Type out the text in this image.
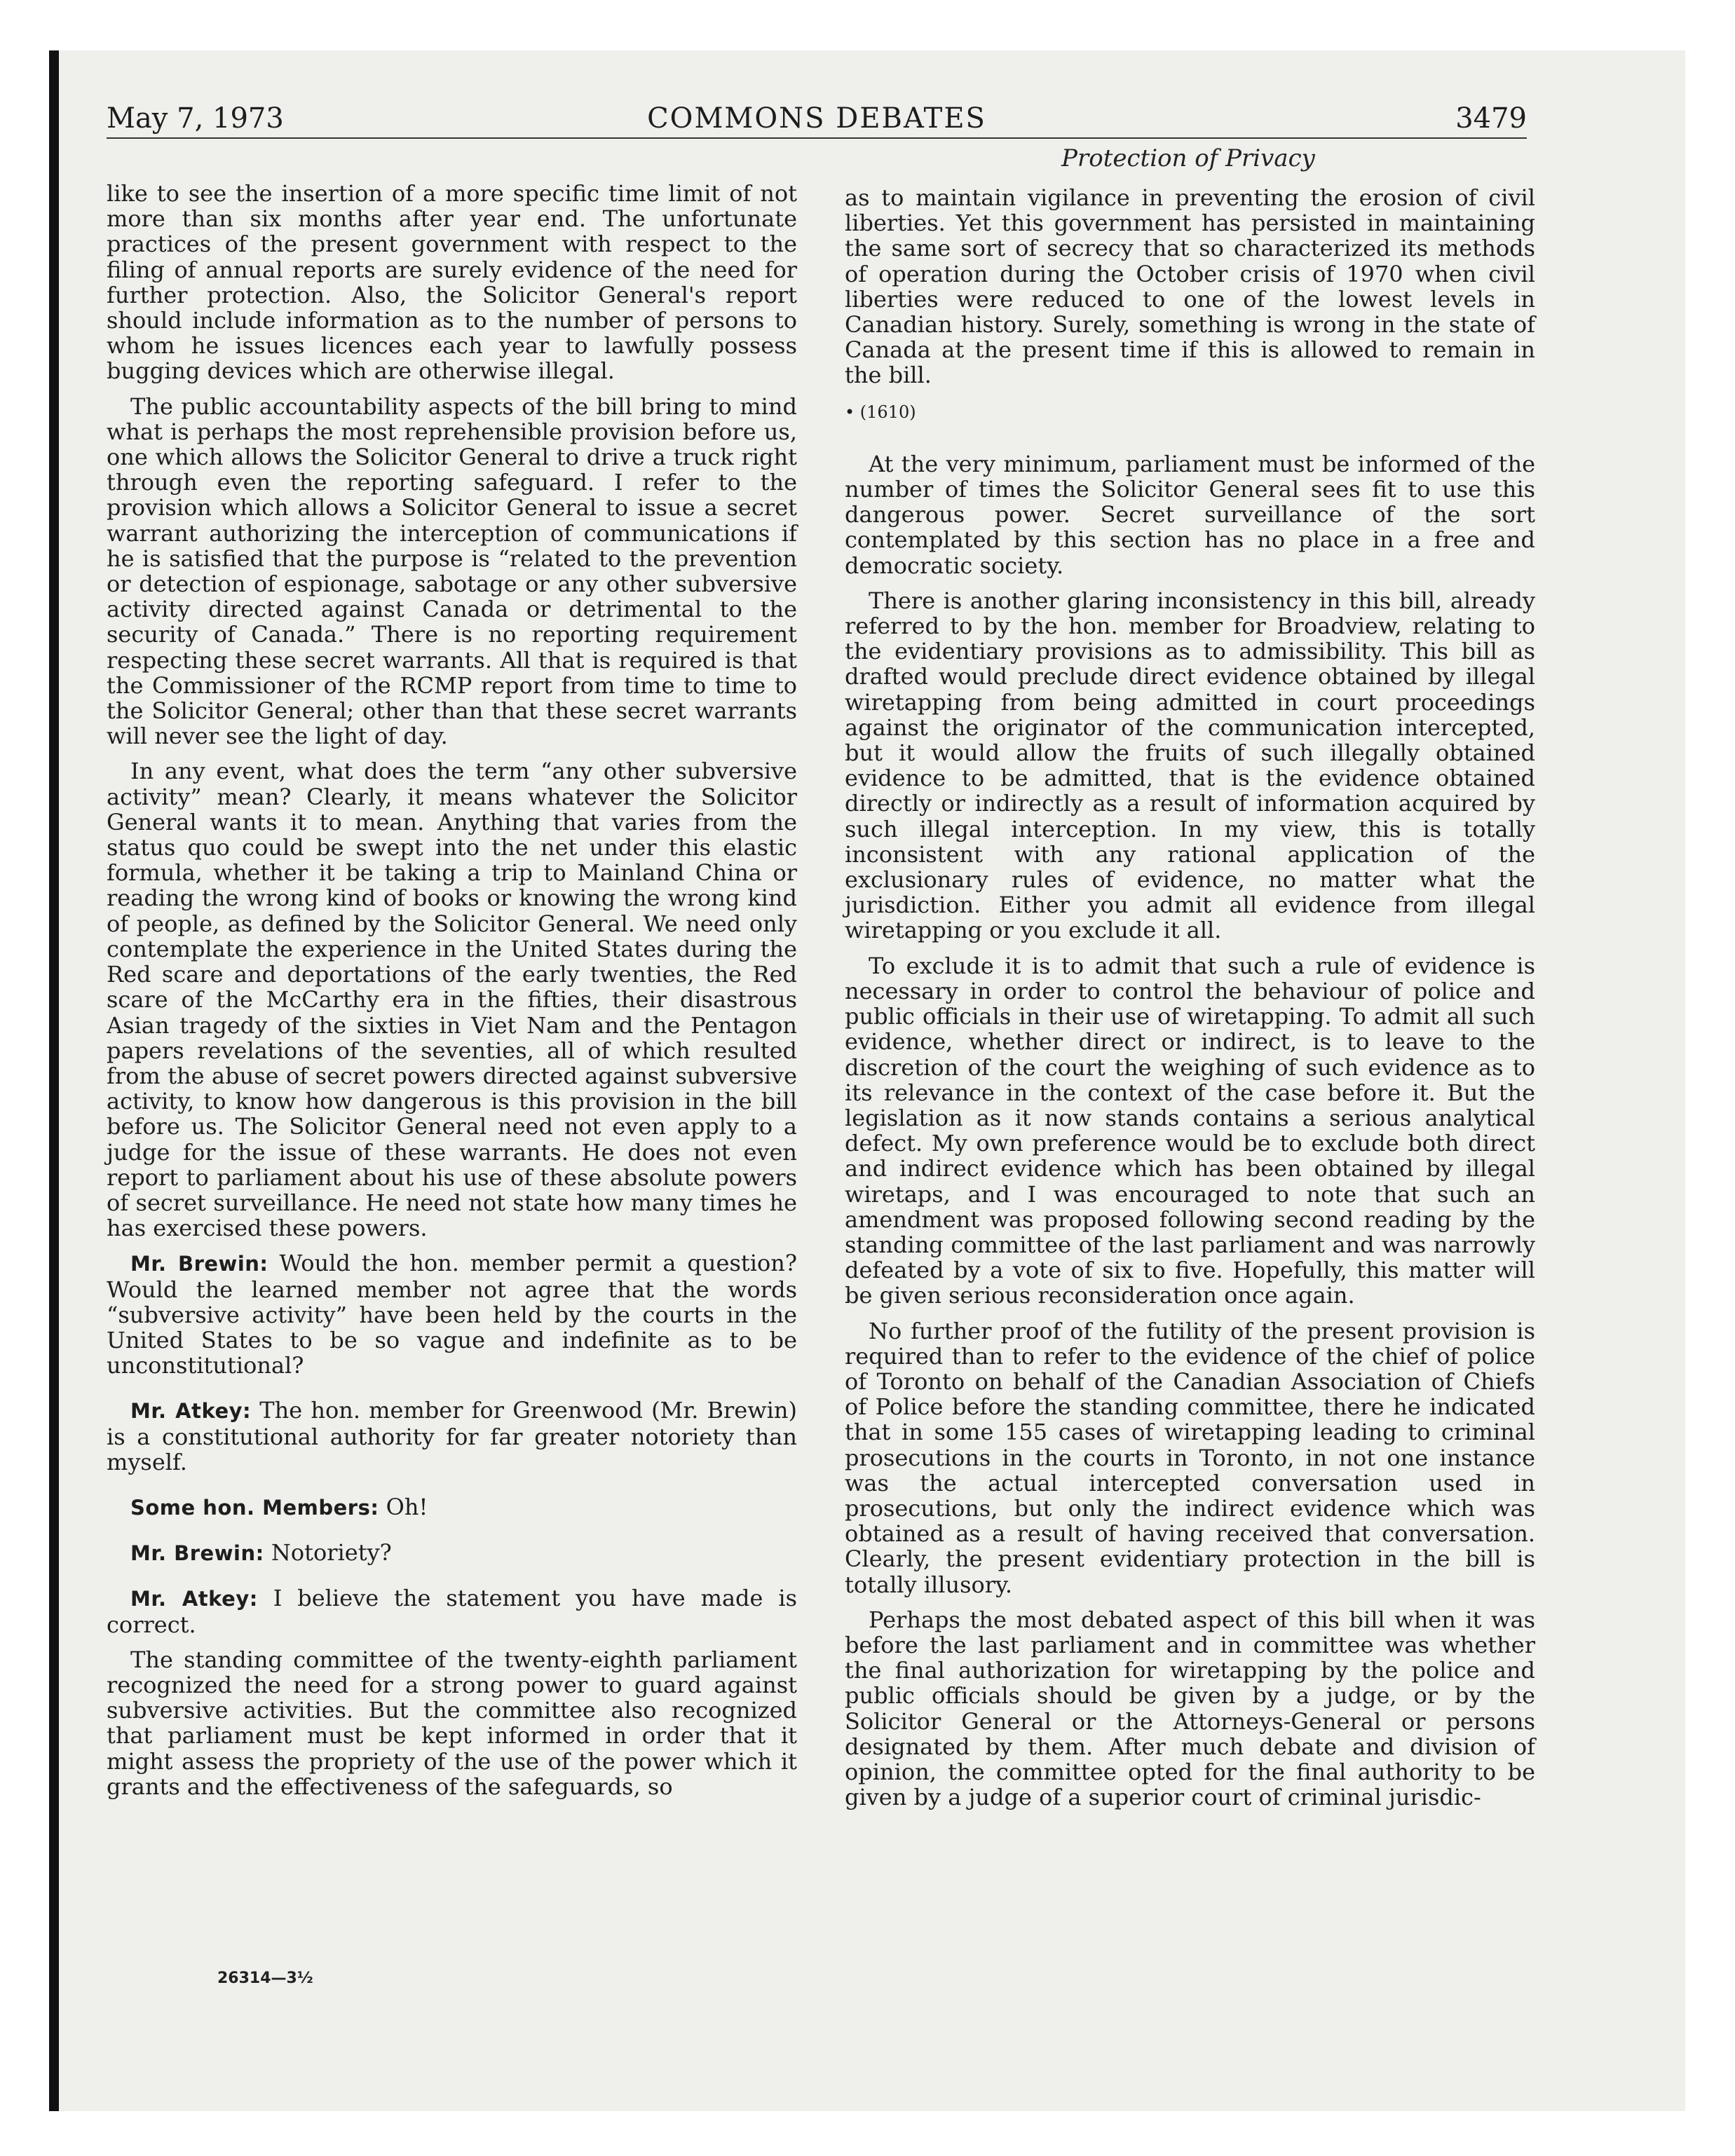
May 7, 1973	COMMONS DEBATES	3479
Protection of Privacy

like to see the insertion of a more specific time limit of not more than six months after year end. The unfortunate practices of the present government with respect to the filing of annual reports are surely evidence of the need for further protection. Also, the Solicitor General's report should include information as to the number of persons to whom he issues licences each year to lawfully possess bugging devices which are otherwise illegal.

The public accountability aspects of the bill bring to mind what is perhaps the most reprehensible provision before us, one which allows the Solicitor General to drive a truck right through even the reporting safeguard. I refer to the provision which allows a Solicitor General to issue a secret warrant authorizing the interception of communications if he is satisfied that the purpose is “related to the prevention or detection of espionage, sabotage or any other subversive activity directed against Canada or detrimental to the security of Canada.” There is no reporting requirement respecting these secret warrants. All that is required is that the Commissioner of the RCMP report from time to time to the Solicitor General; other than that these secret warrants will never see the light of day.

In any event, what does the term “any other subversive activity” mean? Clearly, it means whatever the Solicitor General wants it to mean. Anything that varies from the status quo could be swept into the net under this elastic formula, whether it be taking a trip to Mainland China or reading the wrong kind of books or knowing the wrong kind of people, as defined by the Solicitor General. We need only contemplate the experience in the United States during the Red scare and deportations of the early twenties, the Red scare of the McCarthy era in the fifties, their disastrous Asian tragedy of the sixties in Viet Nam and the Pentagon papers revelations of the seventies, all of which resulted from the abuse of secret powers directed against subversive activity, to know how dangerous is this provision in the bill before us. The Solicitor General need not even apply to a judge for the issue of these warrants. He does not even report to parliament about his use of these absolute powers of secret surveillance. He need not state how many times he has exercised these powers.

Mr. Brewin: Would the hon. member permit a question? Would the learned member not agree that the words “subversive activity” have been held by the courts in the United States to be so vague and indefinite as to be unconstitutional?

Mr. Atkey: The hon. member for Greenwood (Mr. Brewin) is a constitutional authority for far greater notoriety than myself.

Some hon. Members: Oh!

Mr. Brewin: Notoriety?

Mr. Atkey: I believe the statement you have made is correct.

The standing committee of the twenty-eighth parliament recognized the need for a strong power to guard against subversive activities. But the committee also recognized that parliament must be kept informed in order that it might assess the propriety of the use of the power which it grants and the effectiveness of the safeguards, so

as to maintain vigilance in preventing the erosion of civil liberties. Yet this government has persisted in maintaining the same sort of secrecy that so characterized its methods of operation during the October crisis of 1970 when civil liberties were reduced to one of the lowest levels in Canadian history. Surely, something is wrong in the state of Canada at the present time if this is allowed to remain in the bill.

• (1610)

At the very minimum, parliament must be informed of the number of times the Solicitor General sees fit to use this dangerous power. Secret surveillance of the sort contemplated by this section has no place in a free and democratic society.

There is another glaring inconsistency in this bill, already referred to by the hon. member for Broadview, relating to the evidentiary provisions as to admissibility. This bill as drafted would preclude direct evidence obtained by illegal wiretapping from being admitted in court proceedings against the originator of the communication intercepted, but it would allow the fruits of such illegally obtained evidence to be admitted, that is the evidence obtained directly or indirectly as a result of information acquired by such illegal interception. In my view, this is totally inconsistent with any rational application of the exclusionary rules of evidence, no matter what the jurisdiction. Either you admit all evidence from illegal wiretapping or you exclude it all.

To exclude it is to admit that such a rule of evidence is necessary in order to control the behaviour of police and public officials in their use of wiretapping. To admit all such evidence, whether direct or indirect, is to leave to the discretion of the court the weighing of such evidence as to its relevance in the context of the case before it. But the legislation as it now stands contains a serious analytical defect. My own preference would be to exclude both direct and indirect evidence which has been obtained by illegal wiretaps, and I was encouraged to note that such an amendment was proposed following second reading by the standing committee of the last parliament and was narrowly defeated by a vote of six to five. Hopefully, this matter will be given serious reconsideration once again.

No further proof of the futility of the present provision is required than to refer to the evidence of the chief of police of Toronto on behalf of the Canadian Association of Chiefs of Police before the standing committee, there he indicated that in some 155 cases of wiretapping leading to criminal prosecutions in the courts in Toronto, in not one instance was the actual intercepted conversation used in prosecutions, but only the indirect evidence which was obtained as a result of having received that conversation. Clearly, the present evidentiary protection in the bill is totally illusory.

Perhaps the most debated aspect of this bill when it was before the last parliament and in committee was whether the final authorization for wiretapping by the police and public officials should be given by a judge, or by the Solicitor General or the Attorneys-General or persons designated by them. After much debate and division of opinion, the committee opted for the final authority to be given by a judge of a superior court of criminal jurisdic-

26314—3½
